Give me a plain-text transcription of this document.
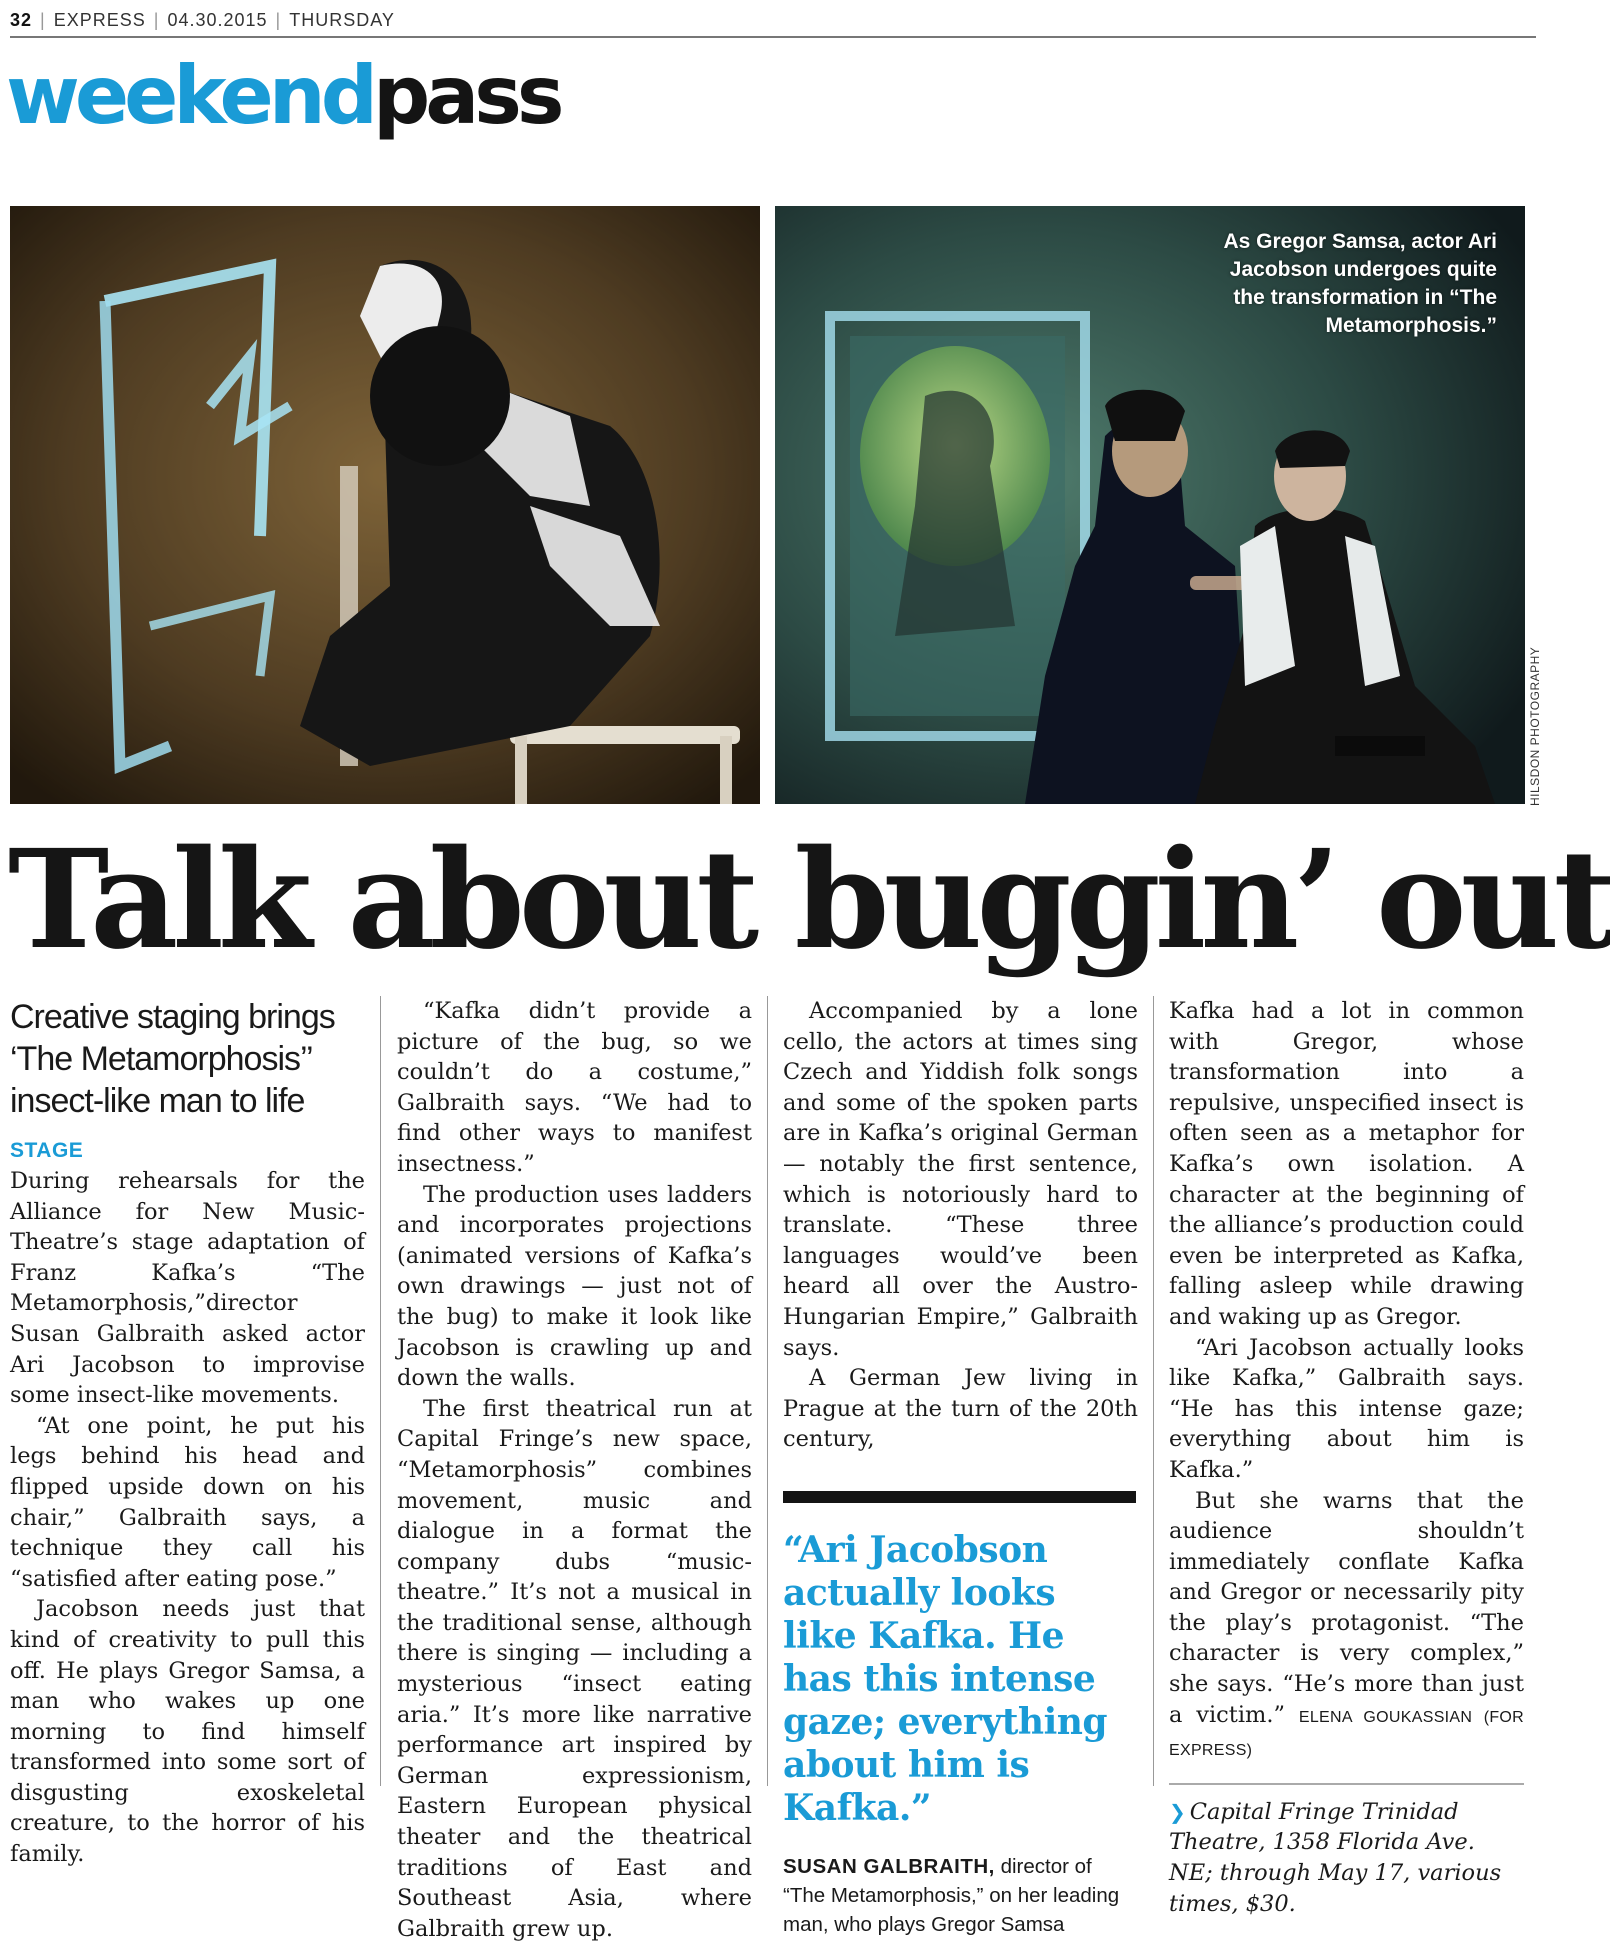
32 | EXPRESS | 04.30.2015 | THURSDAY
weekendpass
As Gregor Samsa, actor Ari Jacobson undergoes quite the transformation in “The Metamorphosis.”
HILSDON PHOTOGRAPHY
Talk about buggin’ out
Creative staging brings ‘The Metamorphosis’’ insect-like man to life
STAGE

During rehearsals for the Alliance for New Music-Theatre’s stage adaptation of Franz Kafka’s “The Metamorphosis,”director Susan Galbraith asked actor Ari Jacobson to improvise some insect-like movements.

“At one point, he put his legs behind his head and flipped upside down on his chair,” Galbraith says, a technique they call his “satisfied after eating pose.”

Jacobson needs just that kind of creativity to pull this off. He plays Gregor Samsa, a man who wakes up one morning to find himself transformed into some sort of disgusting exoskeletal creature, to the horror of his family.

“Kafka didn’t provide a picture of the bug, so we couldn’t do a costume,” Galbraith says. “We had to find other ways to manifest insectness.”

The production uses ladders and incorporates projections (animated versions of Kafka’s own drawings — just not of the bug) to make it look like Jacobson is crawling up and down the walls.

The first theatrical run at Capital Fringe’s new space, “Metamorphosis” combines movement, music and dialogue in a format the company dubs “music-theatre.” It’s not a musical in the traditional sense, although there is singing — including a mysterious “insect eating aria.” It’s more like narrative performance art inspired by German expressionism, Eastern European physical theater and the theatrical traditions of East and Southeast Asia, where Galbraith grew up.

Accompanied by a lone cello, the actors at times sing Czech and Yiddish folk songs and some of the spoken parts are in Kafka’s original German — notably the first sentence, which is notoriously hard to translate. “These three languages would’ve been heard all over the Austro-Hungarian Empire,” Galbraith says.

A German Jew living in Prague at the turn of the 20th century,

“Ari Jacobson actually looks like Kafka. He has this intense gaze; everything about him is Kafka.”
SUSAN GALBRAITH, director of “The Metamorphosis,” on her leading man, who plays Gregor Samsa

Kafka had a lot in common with Gregor, whose transformation into a repulsive, unspecified insect is often seen as a metaphor for Kafka’s own isolation. A character at the beginning of the alliance’s production could even be interpreted as Kafka, falling asleep while drawing and waking up as Gregor.

“Ari Jacobson actually looks like Kafka,” Galbraith says. “He has this intense gaze; everything about him is Kafka.”

But she warns that the audience shouldn’t immediately conflate Kafka and Gregor or necessarily pity the play’s protagonist. “The character is very complex,” she says. “He’s more than just a victim.” ELENA GOUKASSIAN (FOR EXPRESS)

❯ Capital Fringe Trinidad Theatre, 1358 Florida Ave. NE; through May 17, various times, $30.
